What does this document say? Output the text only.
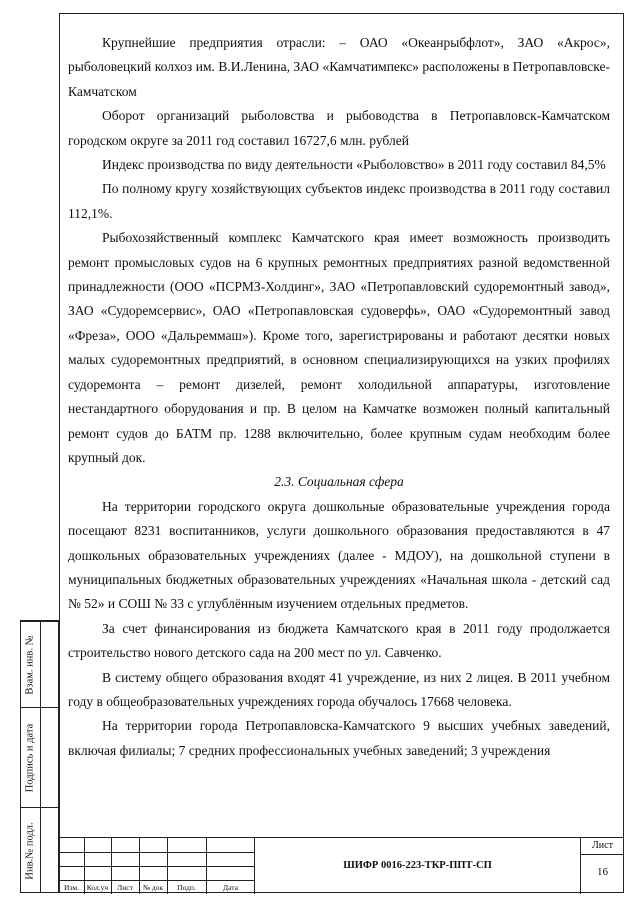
Крупнейшие предприятия отрасли: – ОАО «Океанрыбфлот», ЗАО «Акрос», рыболовецкий колхоз им. В.И.Ленина, ЗАО «Камчатимпекс» расположены в Петропавловске-Камчатском

Оборот организаций рыболовства и рыбоводства в Петропавловск-Камчатском городском округе за 2011 год составил 16727,6 млн. рублей

Индекс производства по виду деятельности «Рыболовство» в 2011 году составил 84,5%

По полному кругу хозяйствующих субъектов индекс производства в 2011 году составил 112,1%.

Рыбохозяйственный комплекс Камчатского края имеет возможность производить ремонт промысловых судов на 6 крупных ремонтных предприятиях разной ведомственной принадлежности (ООО «ПСРМЗ-Холдинг», ЗАО «Петропавловский судоремонтный завод», ЗАО «Судоремсервис», ОАО «Петропавловская судоверфь», ОАО «Судоремонтный завод «Фреза», ООО «Дальреммаш»). Кроме того, зарегистрированы и работают десятки новых малых судоремонтных предприятий, в основном специализирующихся на узких профилях судоремонта – ремонт дизелей, ремонт холодильной аппаратуры, изготовление нестандартного оборудования и пр. В целом на Камчатке возможен полный капитальный ремонт судов до БАТМ пр. 1288 включительно, более крупным судам необходим более крупный док.

2.3. Социальная сфера

На территории городского округа дошкольные образовательные учреждения города посещают 8231 воспитанников, услуги дошкольного образования предоставляются в 47 дошкольных образовательных учреждениях (далее - МДОУ), на дошкольной ступени в муниципальных бюджетных образовательных учреждениях «Начальная школа - детский сад № 52» и СОШ № 33 с углублённым изучением отдельных предметов.

За счет финансирования из бюджета Камчатского края в 2011 году продолжается строительство нового детского сада на 200 мест по ул. Савченко.

В систему общего образования входят 41 учреждение, из них 2 лицея. В 2011 учебном году в общеобразовательных учреждениях города обучалось 17668 человека.

На территории города Петропавловска-Камчатского 9 высших учебных заведений, включая филиалы; 7 средних профессиональных учебных заведений; 3 учреждения

Взам. инв. №
Подпись и дата
Инв.№ подл.
Изм.	Кол.уч	Лист	№ док	Подп.	Дата
ШИФР 0016-223-ТКР-ППТ-СП
Лист
16
